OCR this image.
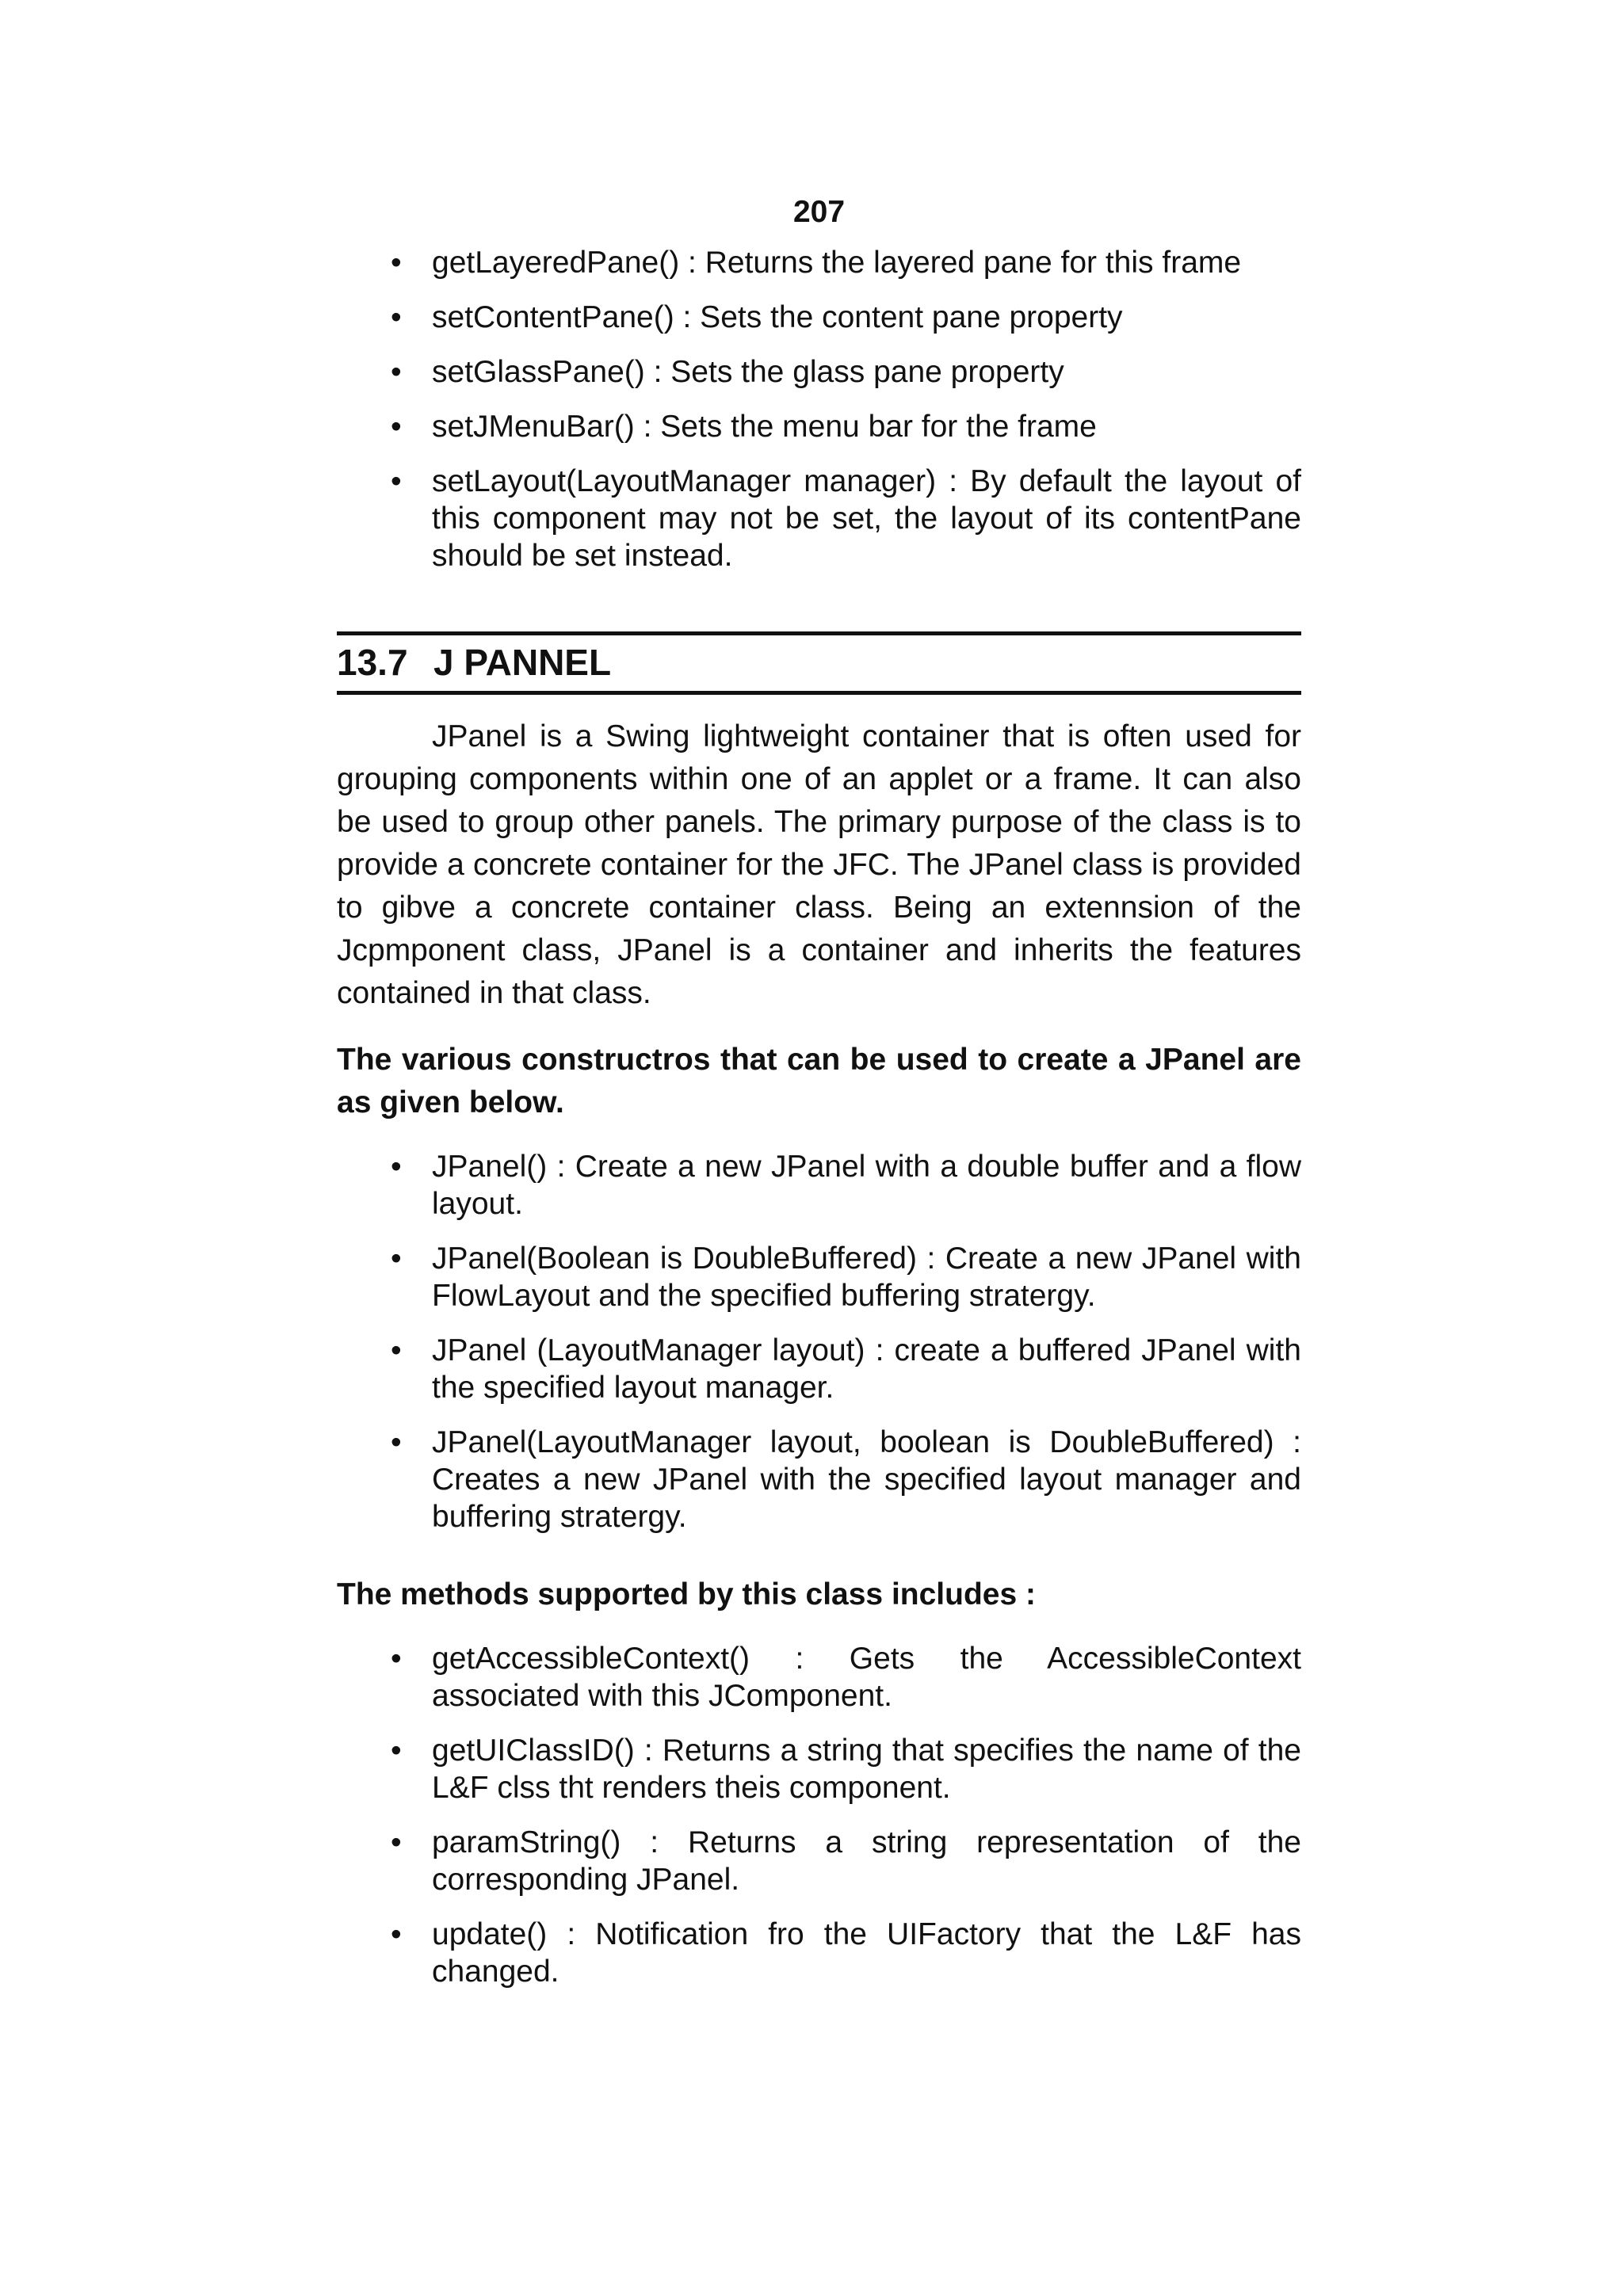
207
• getLayeredPane() : Returns the layered pane for this frame
• setContentPane() : Sets the content pane property
• setGlassPane() : Sets the glass pane property
• setJMenuBar() : Sets the menu bar for the frame
• setLayout(LayoutManager manager) : By default the layout of this component may not be set, the layout of its contentPane should be set instead.
13.7 J PANNEL

JPanel is a Swing lightweight container that is often used for grouping components within one of an applet or a frame. It can also be used to group other panels. The primary purpose of the class is to provide a concrete container for the JFC. The JPanel class is provided to gibve a concrete container class. Being an extennsion of the Jcpmponent class, JPanel is a container and inherits the features contained in that class.

The various constructros that can be used to create a JPanel are as given below.

• JPanel() : Create a new JPanel with a double buffer and a flow layout.
• JPanel(Boolean is DoubleBuffered) : Create a new JPanel with FlowLayout and the specified buffering stratergy.
• JPanel (LayoutManager layout) : create a buffered JPanel with the specified layout manager.
• JPanel(LayoutManager layout, boolean is DoubleBuffered) : Creates a new JPanel with the specified layout manager and buffering stratergy.
The methods supported by this class includes :
• getAccessibleContext() : Gets the AccessibleContext associated with this JComponent.
• getUIClassID() : Returns a string that specifies the name of the L&F clss tht renders theis component.
• paramString() : Returns a string representation of the corresponding JPanel.
• update() : Notification fro the UIFactory that the L&F has changed.
